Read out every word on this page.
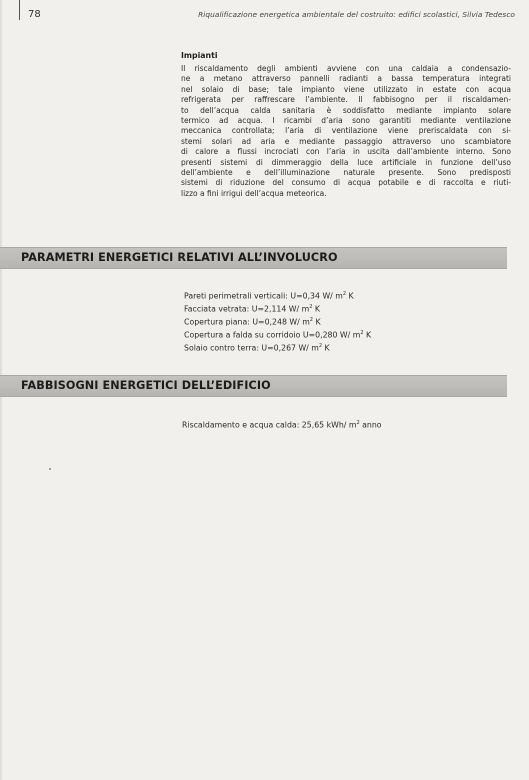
78	Riqualificazione energetica ambientale del costruito: edifici scolastici, Silvia Tedesco
Impianti

Il riscaldamento degli ambienti avviene con una caldaia a condensazio-
ne a metano attraverso pannelli radianti a bassa temperatura integrati
nel solaio di base; tale impianto viene utilizzato in estate con acqua
refrigerata per raffrescare l’ambiente. Il fabbisogno per il riscaldamen-
to dell’acqua calda sanitaria è soddisfatto mediante impianto solare
termico ad acqua. I ricambi d’aria sono garantiti mediante ventilazione
meccanica controllata; l’aria di ventilazione viene preriscaldata con si-
stemi solari ad aria e mediante passaggio attraverso uno scambiatore
di calore a flussi incrociati con l’aria in uscita dall’ambiente interno. Sono
presenti sistemi di dimmeraggio della luce artificiale in funzione dell’uso
dell’ambiente e dell’illuminazione naturale presente. Sono predisposti
sistemi di riduzione del consumo di acqua potabile e di raccolta e riuti-
lizzo a fini irrigui dell’acqua meteorica.

PARAMETRI ENERGETICI RELATIVI ALL’INVOLUCRO
Pareti perimetrali verticali: U=0,34 W/ $m^2$ K
Facciata vetrata: U=2,114 W/ $m^2$ K
Copertura piana: U=0,248 W/ $m^2$ K
Copertura a falda su corridoio U=0,280 W/ $m^2$ K
Solaio contro terra: U=0,267 W/ $m^2$ K
FABBISOGNI ENERGETICI DELL’EDIFICIO
Riscaldamento e acqua calda: 25,65 kWh/ $m^2$ anno
